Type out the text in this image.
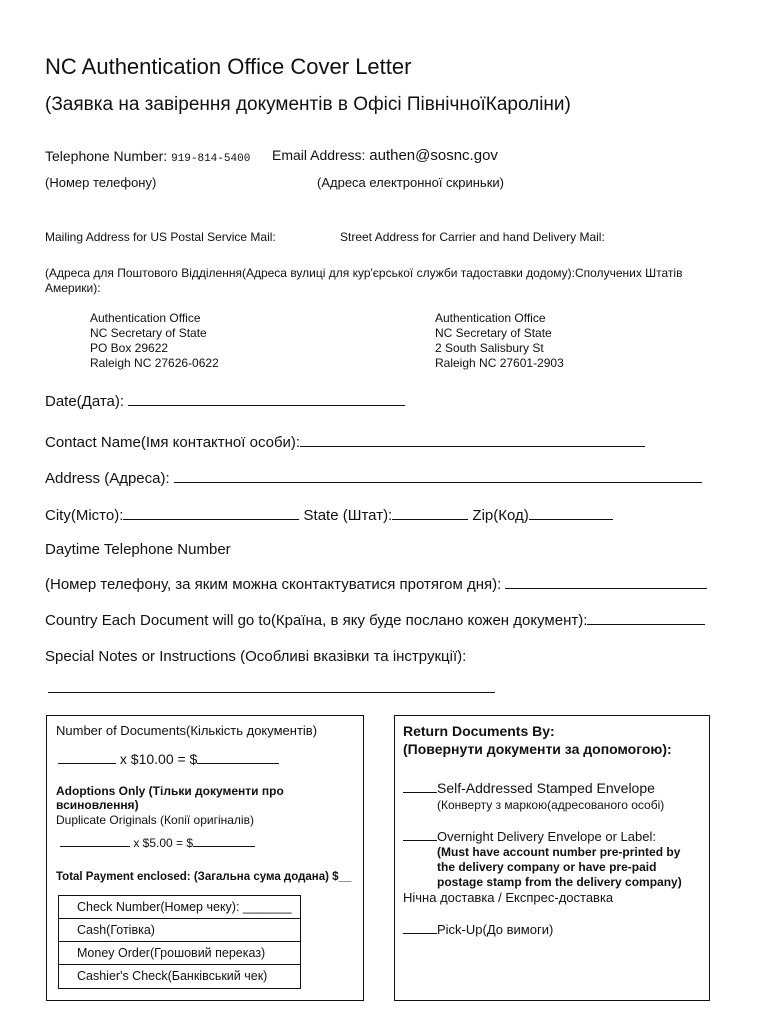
NC Authentication Office Cover Letter
(Заявка на завірення документів в Офісі ПівнічноїКароліни)
Telephone Number: 919-814-5400 Email Address: authen@sosnc.gov
(Номер телефону)	(Адреса електронної скриньки)
Mailing Address for US Postal Service Mail:	Street Address for Carrier and hand Delivery Mail:
(Адреса для Поштового Відділення(Адреса вулиці для кур'єрської служби тадоставки додому):Сполучених Штатів
Америки):
Authentication Office
NC Secretary of State
PO Box 29622
Raleigh NC 27626-0622
Authentication Office
NC Secretary of State
2 South Salisbury St
Raleigh NC 27601-2903
Date(Дата):
Contact Name(Імя контактної особи):
Address (Адреса):
City(Місто):	State (Штат):	Zip(Код)
Daytime Telephone Number
(Номер телефону, за яким можна сконтактуватися протягом дня):
Country Each Document will go to(Країна, в яку буде послано кожен документ):
Special Notes or Instructions (Особливі вказівки та інструкції):
Number of Documents(Кількість документів)
x $10.00 = $
Adoptions Only (Тільки документи про
всиновлення)
Duplicate Originals (Копії оригіналів)
x $5.00 = $
Total Payment enclosed: (Загальна сума додана) $__
Check Number(Номер чеку): _______
Cash(Готівка)
Money Order(Грошовий переказ)
Cashier's Check(Банківський чек)
Return Documents By:
(Повернути документи за допомогою):
Self-Addressed Stamped Envelope
(Конверту з маркою(адресованого особі)
Overnight Delivery Envelope or Label:
(Must have account number pre-printed by
the delivery company or have pre-paid
postage stamp from the delivery company)
Нічна доставка / Експрес-доставка
Pick-Up(До вимоги)
